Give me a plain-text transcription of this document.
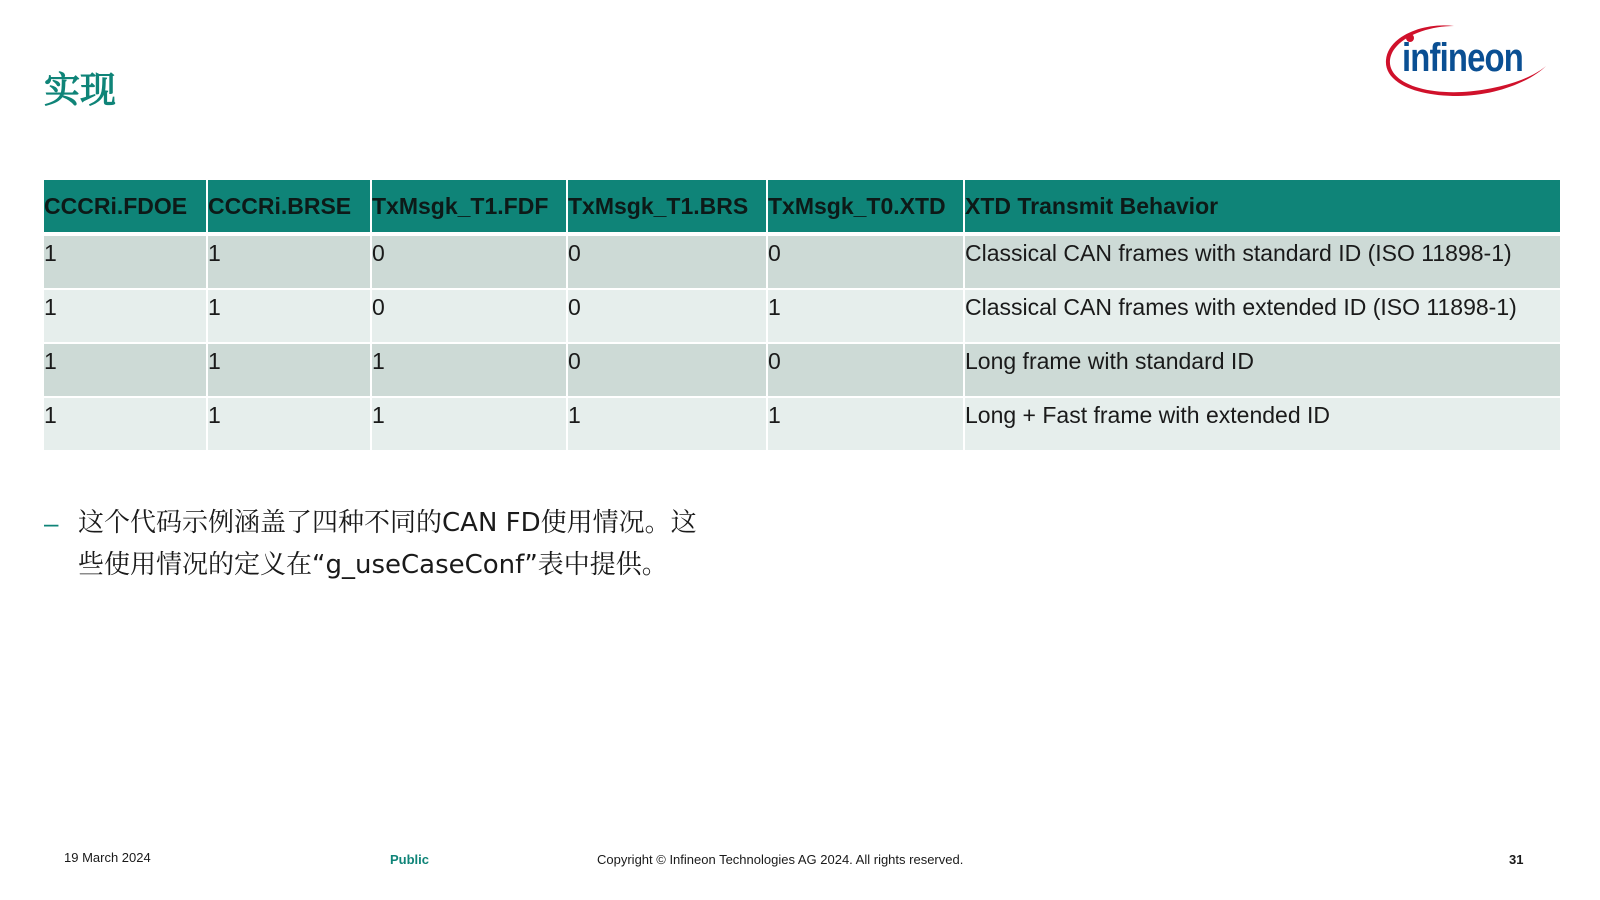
实现
infineon
CCCRi.FDOE	CCCRi.BRSE	TxMsgk_T1.FDF	TxMsgk_T1.BRS	TxMsgk_T0.XTD	XTD Transmit Behavior
1	1	0	0	0	Classical CAN frames with standard ID (ISO 11898-1)
1	1	0	0	1	Classical CAN frames with extended ID (ISO 11898-1)
1	1	1	0	0	Long frame with standard ID
1	1	1	1	1	Long + Fast frame with extended ID
– 这个代码示例涵盖了四种不同的CAN FD使用情况。这
些使用情况的定义在“g_useCaseConf”表中提供。
19 March 2024	Public	Copyright © Infineon Technologies AG 2024. All rights reserved.	31
